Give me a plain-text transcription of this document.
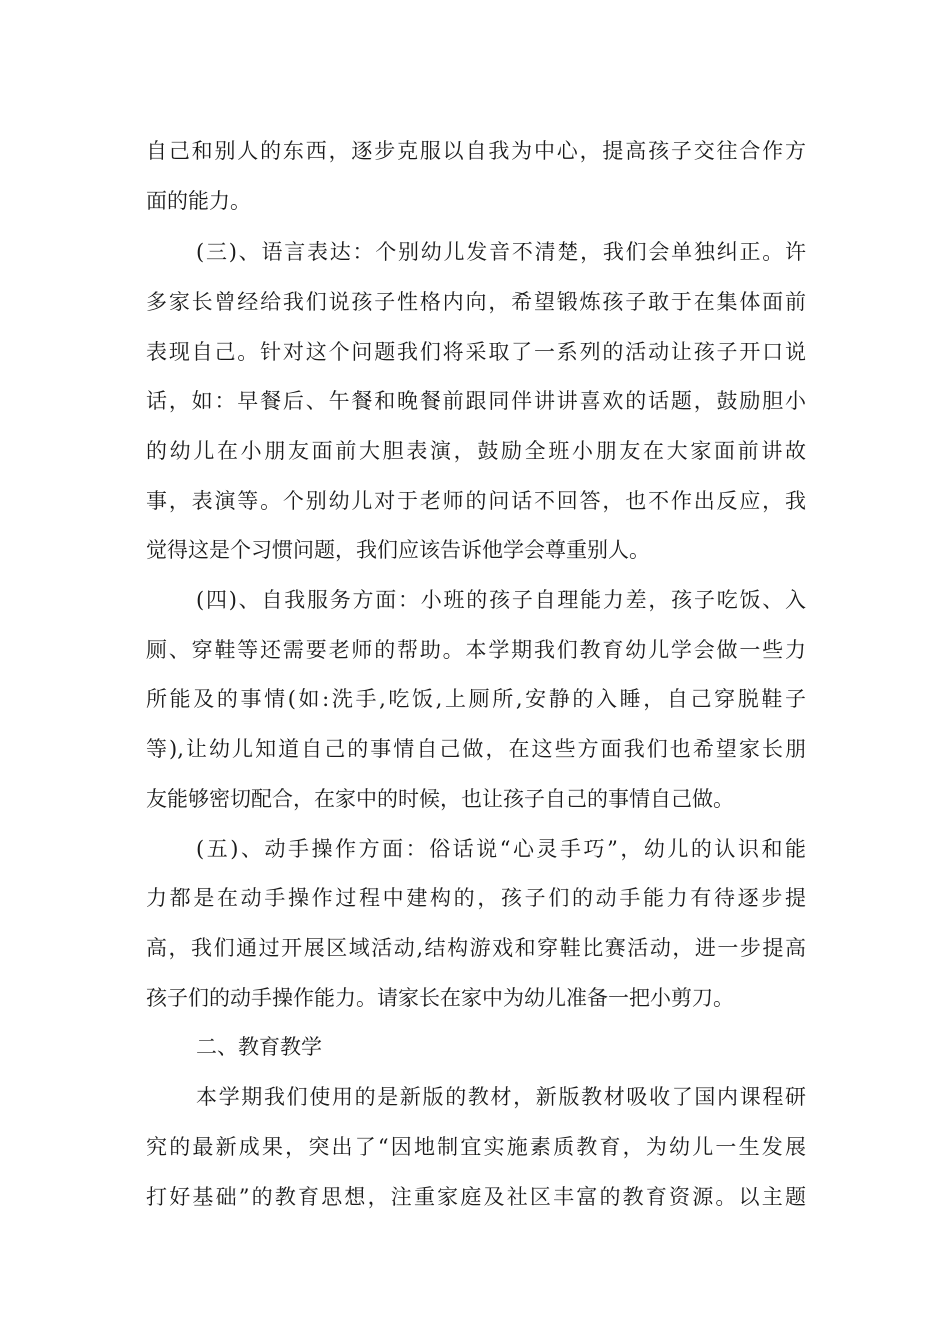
自己和别人的东西，逐步克服以自我为中心，提高孩子交往合作方
面的能力。
(三)、语言表达：个别幼儿发音不清楚，我们会单独纠正。许
多家长曾经给我们说孩子性格内向，希望锻炼孩子敢于在集体面前
表现自己。针对这个问题我们将采取了一系列的活动让孩子开口说
话，如：早餐后、午餐和晚餐前跟同伴讲讲喜欢的话题，鼓励胆小
的幼儿在小朋友面前大胆表演，鼓励全班小朋友在大家面前讲故
事，表演等。个别幼儿对于老师的问话不回答，也不作出反应，我
觉得这是个习惯问题，我们应该告诉他学会尊重别人。
(四)、自我服务方面：小班的孩子自理能力差，孩子吃饭、入
厕、穿鞋等还需要老师的帮助。本学期我们教育幼儿学会做一些力
所能及的事情(如:洗手,吃饭,上厕所,安静的入睡，自己穿脱鞋子
等),让幼儿知道自己的事情自己做，在这些方面我们也希望家长朋
友能够密切配合，在家中的时候，也让孩子自己的事情自己做。
(五)、动手操作方面：俗话说“心灵手巧”，幼儿的认识和能
力都是在动手操作过程中建构的，孩子们的动手能力有待逐步提
高，我们通过开展区域活动,结构游戏和穿鞋比赛活动，进一步提高
孩子们的动手操作能力。请家长在家中为幼儿准备一把小剪刀。
二、教育教学
本学期我们使用的是新版的教材，新版教材吸收了国内课程研
究的最新成果，突出了“因地制宜实施素质教育，为幼儿一生发展
打好基础”的教育思想，注重家庭及社区丰富的教育资源。以主题
